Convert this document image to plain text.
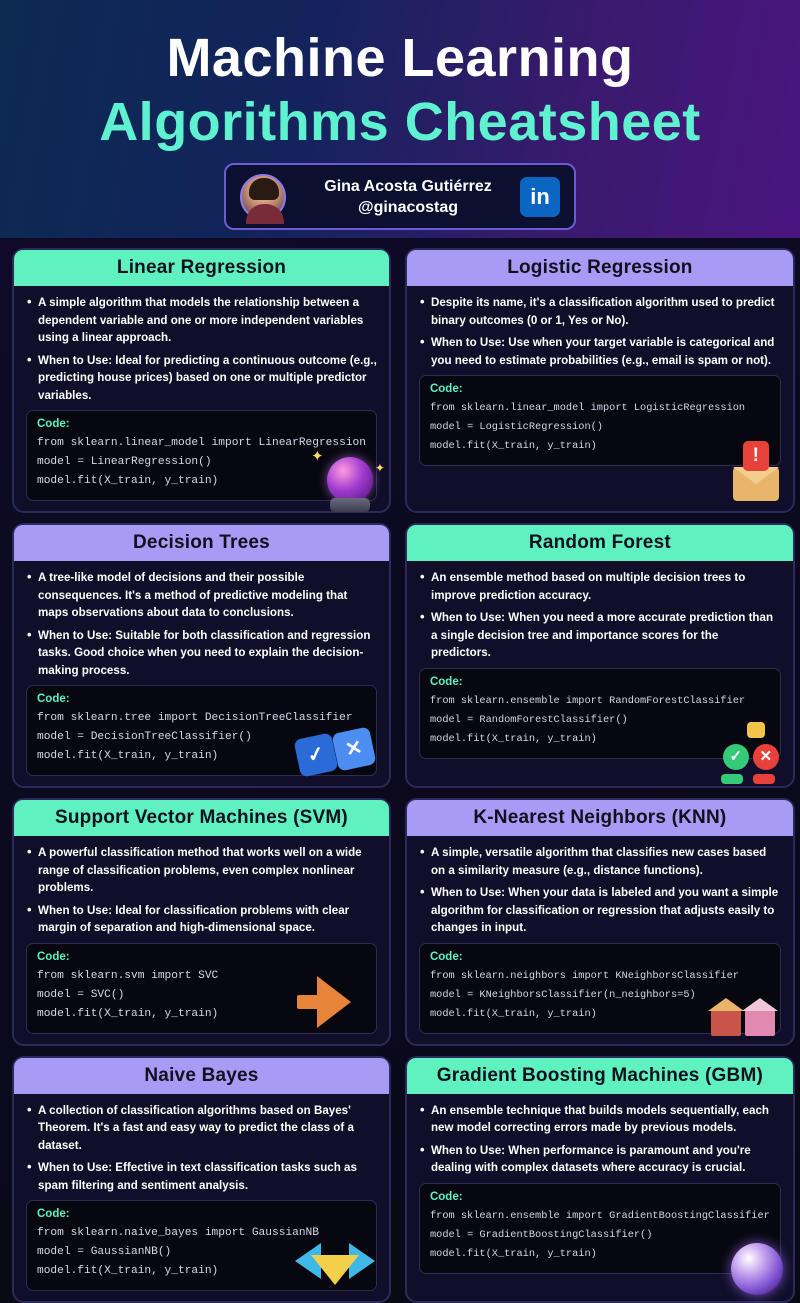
Machine Learning
Algorithms Cheatsheet
Gina Acosta Gutiérrez
@ginacostag	in
Linear Regression
• A simple algorithm that models the relationship between a dependent variable and one or more independent variables using a linear approach.
• When to Use: Ideal for predicting a continuous outcome (e.g., predicting house prices) based on one or multiple predictor variables.
Code:
from sklearn.linear_model import LinearRegression
model = LinearRegression()
model.fit(X_train, y_train)
✦
✦
Logistic Regression
• Despite its name, it's a classification algorithm used to predict binary outcomes (0 or 1, Yes or No).
• When to Use: Use when your target variable is categorical and you need to estimate probabilities (e.g., email is spam or not).
Code:
from sklearn.linear_model import LogisticRegression
model = LogisticRegression()
model.fit(X_train, y_train)	!
Decision Trees
• A tree-like model of decisions and their possible consequences. It's a method of predictive modeling that maps observations about data to conclusions.
• When to Use: Suitable for both classification and regression tasks. Good choice when you need to explain the decision-making process.
Code:
from sklearn.tree import DecisionTreeClassifier
model = DecisionTreeClassifier()
model.fit(X_train, y_train)	✓ ✕
Random Forest
• An ensemble method based on multiple decision trees to improve prediction accuracy.
• When to Use: When you need a more accurate prediction than a single decision tree and importance scores for the predictors.
Code:
from sklearn.ensemble import RandomForestClassifier
model = RandomForestClassifier()
model.fit(X_train, y_train)
✓	✕
Support Vector Machines (SVM)
• A powerful classification method that works well on a wide range of classification problems, even complex nonlinear problems.
• When to Use: Ideal for classification problems with clear margin of separation and high-dimensional space.
Code:
from sklearn.svm import SVC
model = SVC()
model.fit(X_train, y_train)
K-Nearest Neighbors (KNN)
• A simple, versatile algorithm that classifies new cases based on a similarity measure (e.g., distance functions).
• When to Use: When your data is labeled and you want a simple algorithm for classification or regression that adjusts easily to changes in input.
Code:
from sklearn.neighbors import KNeighborsClassifier
model = KNeighborsClassifier(n_neighbors=5)
model.fit(X_train, y_train)
Naive Bayes
• A collection of classification algorithms based on Bayes' Theorem. It's a fast and easy way to predict the class of a dataset.
• When to Use: Effective in text classification tasks such as spam filtering and sentiment analysis.
Code:
from sklearn.naive_bayes import GaussianNB
model = GaussianNB()
model.fit(X_train, y_train)
Gradient Boosting Machines (GBM)
• An ensemble technique that builds models sequentially, each new model correcting errors made by previous models.
• When to Use: When performance is paramount and you're dealing with complex datasets where accuracy is crucial.
Code:
from sklearn.ensemble import GradientBoostingClassifier
model = GradientBoostingClassifier()
model.fit(X_train, y_train)
